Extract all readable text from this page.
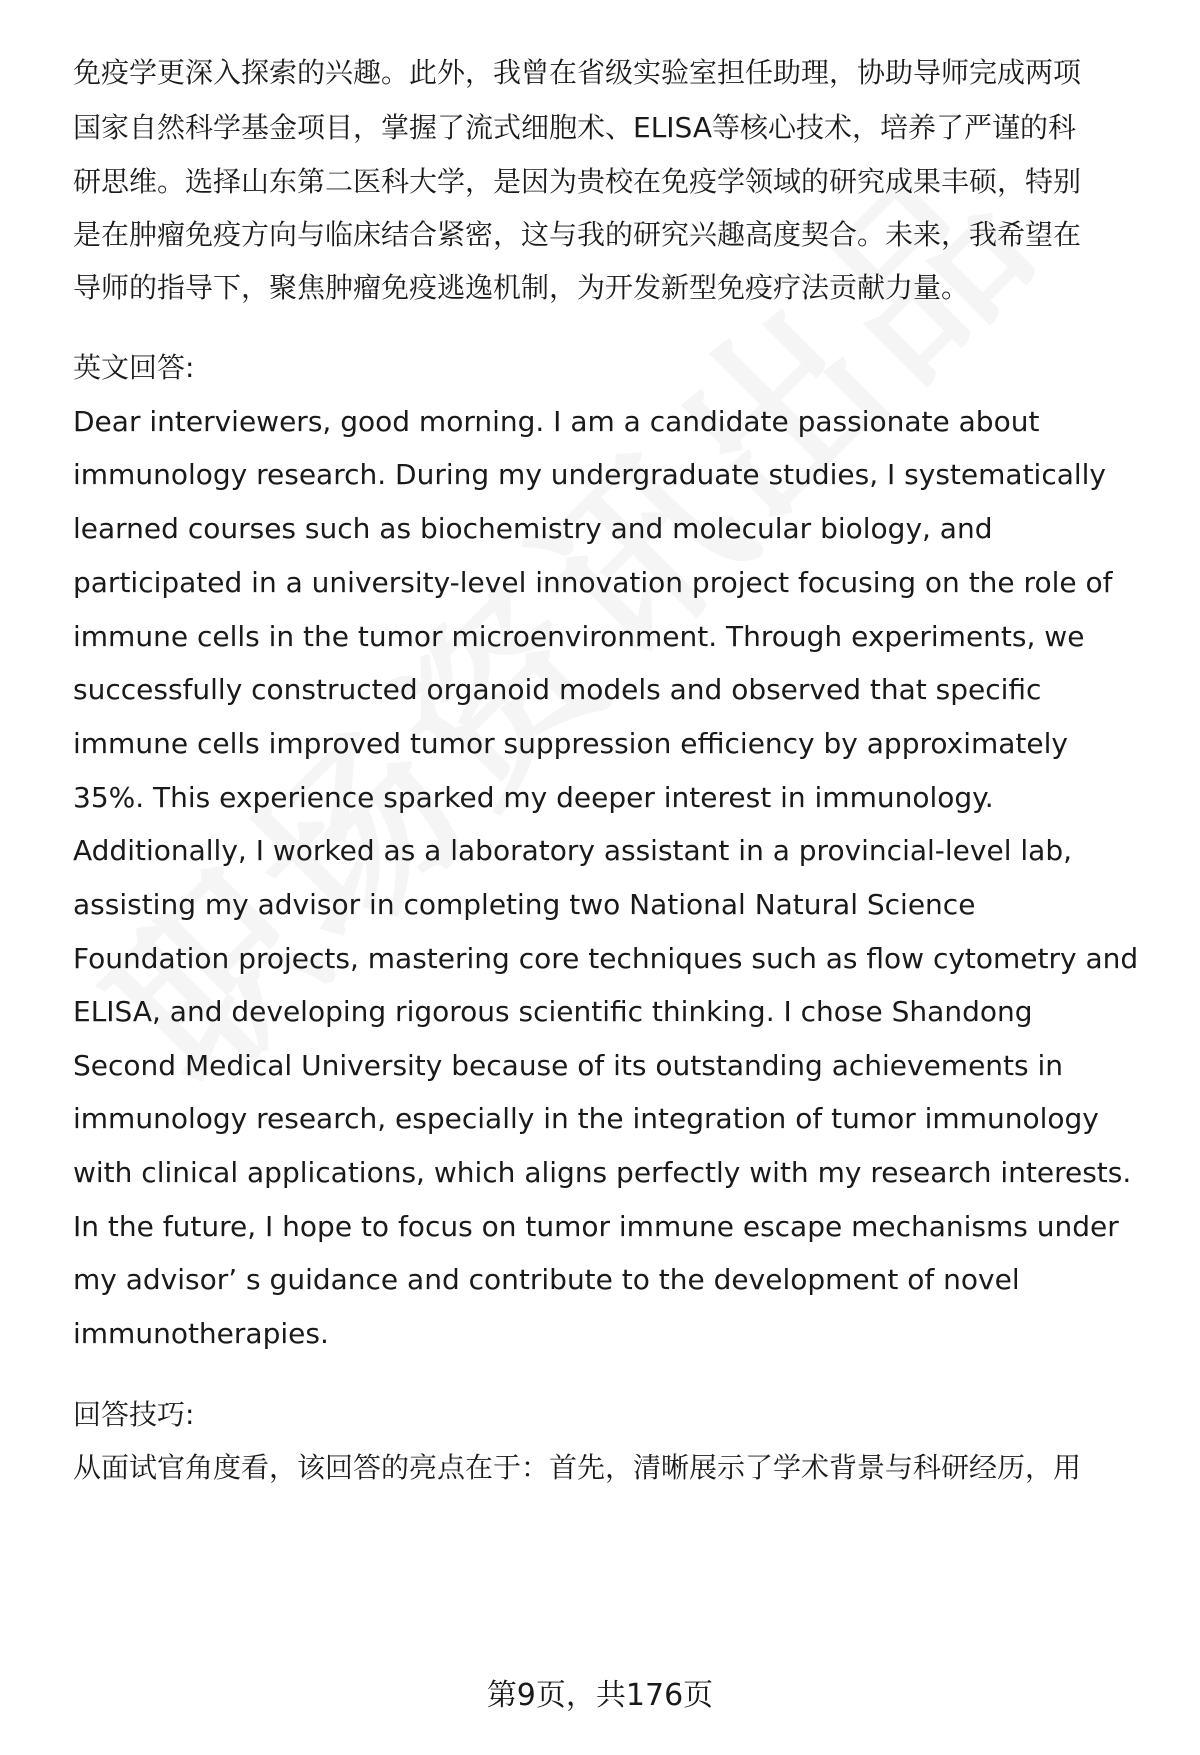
免疫学更深入探索的兴趣。此外，我曾在省级实验室担任助理，协助导师完成两项
国家自然科学基金项目，掌握了流式细胞术、ELISA等核心技术，培养了严谨的科
研思维。选择山东第二医科大学，是因为贵校在免疫学领域的研究成果丰硕，特别
是在肿瘤免疫方向与临床结合紧密，这与我的研究兴趣高度契合。未来，我希望在
导师的指导下，聚焦肿瘤免疫逃逸机制，为开发新型免疫疗法贡献力量。
英文回答:
Dear interviewers, good morning. I am a candidate passionate about
immunology research. During my undergraduate studies, I systematically
learned courses such as biochemistry and molecular biology, and
participated in a university-level innovation project focusing on the role of
immune cells in the tumor microenvironment. Through experiments, we
successfully constructed organoid models and observed that specific
immune cells improved tumor suppression efficiency by approximately
35%. This experience sparked my deeper interest in immunology.
Additionally, I worked as a laboratory assistant in a provincial-level lab,
assisting my advisor in completing two National Natural Science
Foundation projects, mastering core techniques such as flow cytometry and
ELISA, and developing rigorous scientific thinking. I chose Shandong
Second Medical University because of its outstanding achievements in
immunology research, especially in the integration of tumor immunology
with clinical applications, which aligns perfectly with my research interests.
In the future, I hope to focus on tumor immune escape mechanisms under
my advisor’ s guidance and contribute to the development of novel
immunotherapies.
回答技巧:
从面试官角度看，该回答的亮点在于：首先，清晰展示了学术背景与科研经历，用
第9页，共176页
